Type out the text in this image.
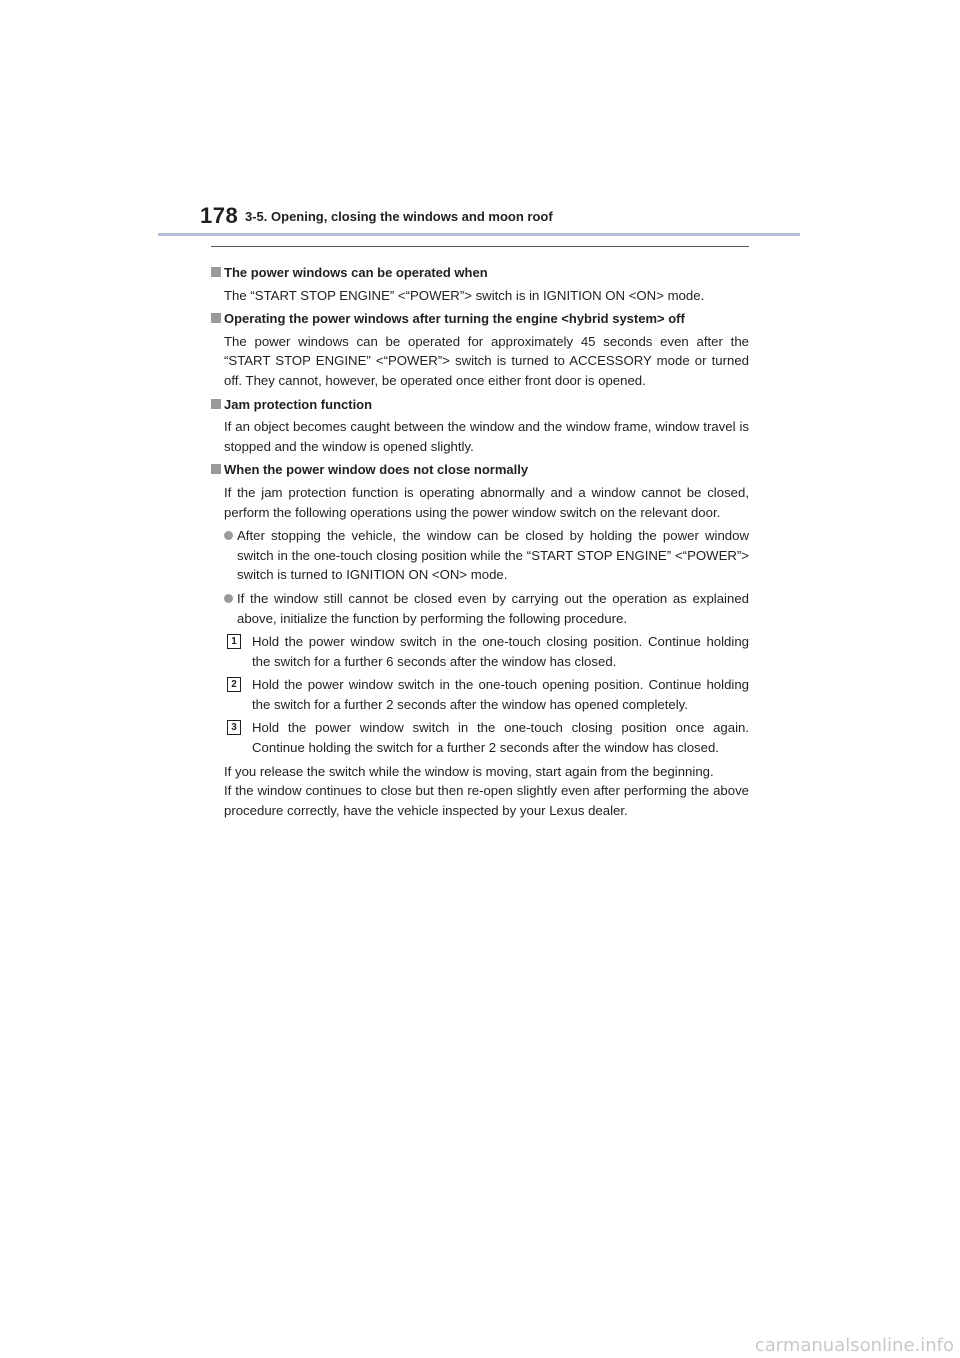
178 3-5. Opening, closing the windows and moon roof
The power windows can be operated when
The “START STOP ENGINE” <“POWER”> switch is in IGNITION ON <ON> mode.
Operating the power windows after turning the engine <hybrid system> off
The power windows can be operated for approximately 45 seconds even after the “START STOP ENGINE” <“POWER”> switch is turned to ACCESSORY mode or turned off. They cannot, however, be operated once either front door is opened.
Jam protection function
If an object becomes caught between the window and the window frame, window travel is stopped and the window is opened slightly.
When the power window does not close normally
If the jam protection function is operating abnormally and a window cannot be closed, perform the following operations using the power window switch on the relevant door.
After stopping the vehicle, the window can be closed by holding the power window switch in the one-touch closing position while the “START STOP ENGINE” <“POWER”> switch is turned to IGNITION ON <ON> mode.
If the window still cannot be closed even by carrying out the operation as explained above, initialize the function by performing the following procedure.
1	Hold the power window switch in the one-touch closing position. Continue holding the switch for a further 6 seconds after the window has closed.
2	Hold the power window switch in the one-touch opening position. Continue holding the switch for a further 2 seconds after the window has opened completely.
3	Hold the power window switch in the one-touch closing position once again. Continue holding the switch for a further 2 seconds after the window has closed.
If you release the switch while the window is moving, start again from the beginning.
If the window continues to close but then re-open slightly even after performing the above procedure correctly, have the vehicle inspected by your Lexus dealer.
carmanualsonline.info
